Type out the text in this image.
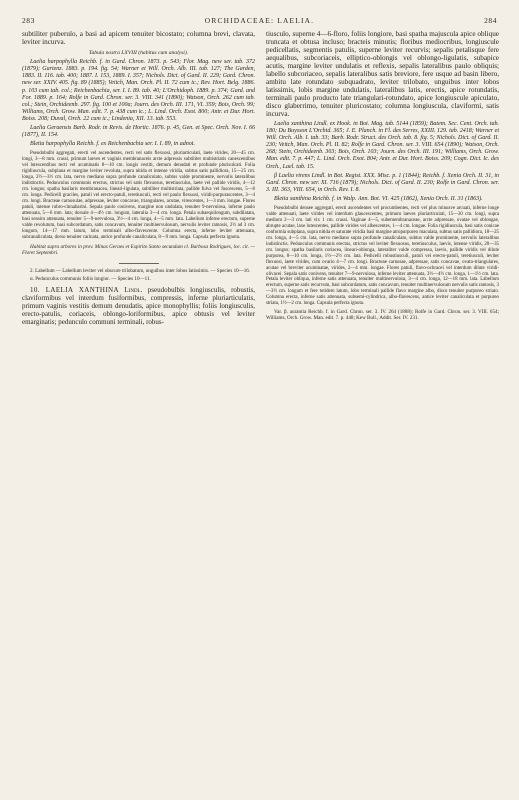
283	ORCHIDACEAE: LAELIA.	284

subtiliter puberulo, a basi ad apicem tenuiter bicostato; columna brevi, clavata, leviter incurva.

Tabula nostra LXVIII (habitus cum analysi).

Laelia harpophylla Reichb. f. in Gard. Chron. 1873. p. 543; Flor. Mag. new ser. tab. 372 (1879); Gartenz. 1883. p. 194. fig. 54; Warner et Will. Orch. Alb. III. tab. 127; The Garden, 1883. II. 116. tab. 400; 1887. I. 153, 1889. I. 357; Nichols. Dict. of Gard. II. 229; Gard. Chron. new ser. XXIV. 405. fig. 89 (1885); Veitch, Man. Orch. Pl. II. 72 cum ic.; Rev. Hort. Belg. 1886. p. 103 cum tab. col.; Reichenbachia, ser. I. I. 89. tab. 40; L'Orchidoph. 1889. p. 374; Gard. and For. 1889. p. 164; Rolfe in Gard. Chron. ser. 3. VIII. 341 (1890); Watson, Orch. 262 cum tab. col.; Stein, Orchideenb. 297. fig. 100 et 100a; Journ. des Orch. III. 171, VI. 359; Bois, Orch. 99; Williams, Orch. Grow. Man. edit. 7. p. 438 cum ic.; L. Lind. Orch. Exot. 800; Antr. et Dur. Hort. Boiss. 208; Duval, Orch. 22 cum ic.; Lindenia, XII. 13. tab. 553.

Laelia Geraensis Barb. Rodr. in Revis. de Hortic. 1876. p. 45, Gen. et Spec. Orch. Nov. I. 66 (1877), II. 154.

Bletia harpophylla Reichb. f. ex Reichenbachia ser. I. I. 89, in adnot.

Pseudobulbi aggregati, erecti vel ascendentes, recti vel satis flexuosi, pluriarticulati, laete virides, 20—45 cm. longi, 3—8 mm. crassi, primum laeves et vaginis membranaceis arcte adpressis subtiliter multistriatis canescentibus vel lutescentibus tecti vel acuminatis 8—10 cm. longis vestiti, demum denudati et profunde plurisulcati. Folia rigidiuscula, subplana et margine leviter revoluta, supra nitida et intense viridia, subtus satis pallidiora, 15—25 cm. longa, 2½—3½ cm. lata, nervo mediano supra profunde canaliculato, subtus valde prominente, nervulis lateralibus indistinctis. Pedunculus communis erectus, strictus vel satis flexuosus, teretiusculus, laete vel pallide viridis, 4—12 cm. longus; spatha basilaris membranacea, lineari-ligulata, subtiliter multistriata, pallide fulva vel fuscescens, 5—8 cm. longa. Pedicelli graciles, patuli vel erecto-patuli, teretiusculi, recti vel paulo flexuosi, viridi-purpurascentes, 3—4 cm. longi. Bracteae carnosulae, adpressae, leviter concavae, triangulares, acutae, virescentes, 1—3 mm. longae. Flores patuli, intense rubro-cinnabarini. Sepala paulo conivens, margine non undulata, tenuiter 9-nervulosa, inferne paulo attenuata, 5—6 mm. lata; dorsale 4—4½ cm. longum, lateralia 3—4 cm. longa. Petala subaequilongum, subdilatata, basi sensim attenuata, tenuiter 5—9-nervulosa, 3½—4 cm. longa, 4—5 mm. lata. Labellum inferne erectum, superne valde revolutum, basi subcordatum, satis concavum, tenuiter multinervulosum, nervulis leviter ramosis, 2½ ad 3 cm. longum, 14—17 mm. latum, lobo terminali albo-flavescente. Columna erecta, inferne leviter attenuata, subcanaliculata, dorso tenuiter carinata, antice profunde canaliculata, 8—9 mm. longa. Capsula perfecta ignota.

Habitat supra arbores in prov. Minas Geraes et Espirito Santo secundum cl. Barbosa Rodrigues, loc. cit. — Floret Septembri.

2. Labellum — Labellum leviter vel obscure trilobatum, unguibus inter lobos latissimis. — Species 10—16.

α. Pedunculus communis foliis longior. — Species 10—11.

10. LAELIA XANTHINA Lindl. pseudobulbis longiusculis, robustis, claviformibus vel interdum fusiformibus, compressis, inferne pluriarticulatis, primum vaginis vestitis demum denudatis, apice monophyllis; foliis longiusculis, erecto-patulis, coriaceis, oblongo-loriformibus, apice obtusis vel leviter emarginatis; pedunculo communi terminali, robus-

tiusculo, superne 4—6-floro, foliis longiore, basi spatha majuscula apice oblique truncata et obtusa incluso; bracteis minutis; floribus mediocribus, longiuscule pedicellatis, segmentis patulis, superne leviter recurvis; sepalis petalisque fere aequalibus, subcoriaceis, elliptico-oblongis vel oblongo-ligulatis, subapice acutis, margine leviter undulatis et reflexis, sepalis lateralibus paulo obliquis; labello subcoriaceo, sepalis lateralibus satis breviore, fere usque ad basin libero, ambitu late rotundato subquadrato, leviter trilobato, unguibus inter lobos latissimis, lobis margine undulatis, lateralibus latis, erectis, apice rotundatis, terminali paulo producto late triangulari-rotundato, apice longiuscule apiculato, disco glaberrimo, tenuiter pluricostato; columna longiuscula, claviformi, satis incurva.

Laelia xanthina Lindl. ex Hook. in Bot. Mag. tab. 5144 (1859); Batem. Sec. Cent. Orch. tab. 180; Du Buysson L'Orchid. 365; J. E. Planch. in Fl. des Serres, XXIII. 129. tab. 2418; Warner et Will. Orch. Alb. I. tab. 33; Barb. Rodr. Struct. des Orch. tab. 8. fig. 5; Nichols. Dict. of Gard. II. 230; Veitch, Man. Orch. Pl. II. 82; Rolfe in Gard. Chron. ser. 3. VIII. 654 (1890); Watson, Orch. 268; Stein, Orchideenb. 303; Bois, Orch. 103; Journ. des Orch. III. 191; Williams, Orch. Grow. Man. edit. 7. p. 447; L. Lind. Orch. Exot. 804; Antr. et Dur. Hort. Boiss. 209; Cogn. Dict. Ic. des Orch., Lael. tab. 15.

β Laelia virens Lindl. in Bot. Regist. XXX. Misc. p. 1 (1844); Reichb. f. Xenia Orch. II. 31, in Gard. Chron. new ser. XI. 716 (1879); Nichols. Dict. of Gard. II. 230; Rolfe in Gard. Chron. ser. 3. III. 363, VIII. 654, in Orch. Rev. I. 8.

Bletia xanthina Reichb. f. in Walp. Ann. Bot. VI. 425 (1862), Xenia Orch. II. 31 (1863).

Pseudobulbi densee aggregati, erecti ascendentes vel procumbentes, recti vel plus minusve arcuati, inferne longe valde attenuati, laete virides vel interdum glaucescentes, primum laeves pluriarticulati, 15—30 cm. longi, supra medium 2—3 cm. lati vix 1 cm. crassi. Vaginae 4—5, subemembranaceae, arcte adpressae, ovatae vel oblongae, abrupte acutae, laxe lutescentes, pallide virides vel albescentes, 1—4 cm. longae. Folia rigidiuscula, basi satis conicae conformia subplana, supra nitida et saturate viridia basi margine atropurpureo maculata, subtus satis pallidiora, 18—25 cm. longa, 4—5 cm. lata, nervo mediano supra profunde canaliculato, subtus valde prominente, nervulis lateralibus indistinctis. Pedunculus communis erectus, strictus vel leviter flexuosus, teretiusculus, laevis, intense viridis, 20—35 cm. longus; spatha basilaris coriacea, lineari-oblonga, lateraliter valde compressa, laevis, pallide viridis vel dilute purpurea, 8—10 cm. longa, 1½—2½ cm. lata. Pedicelli robustiusculi, patuli vel erecto-patuli, teretiusculi, leviter flexuosi, laete virides, cum ovario 4—7 cm. longi. Bracteae carnosae, adpressae, satis concavae, ovato-triangulares, acutae vel breviter acuminatae, virides, 2—4 mm. longae. Flores patuli, flavo-ochracei vel interdum dilute viridi-olivacei. Sepala satis conivens, tenuiter 7—9-nervulosa, inferne leviter attenuata, 3½—4½ cm. longa, 1—1½ cm. lata. Petala leviter obliqua, inferne satis attenuata, tenuiter multinervulosa, 3—4 cm. longa, 12—18 mm. lata. Labellum erectum, superne satis recurvum, basi subcordatum, satis concavum, tenuiter multinervulosum nervulis satis ramosis, 3—3½ cm. longum et fere totidem latum, lobo terminali pallide flavo margine albo, disco tenuiter purpureo striato. Columna erecta, inferne satis attenuata, subsemi-cylindrica, albo-flavescens, antice leviter canaliculata et purpureo striata, 1½—2 cm. longa. Capsula perfecta ignota.

Var. β. aurantia Reichb. f. in Gard. Chron. ser. 3. IV. 264 (1888); Rolfe in Gard. Chron. ser. 3. VIII. 654; Williams, Orch. Grow. Man. edit. 7. p. 448; Kew Bull., Addit. Ser. IV. 231.
